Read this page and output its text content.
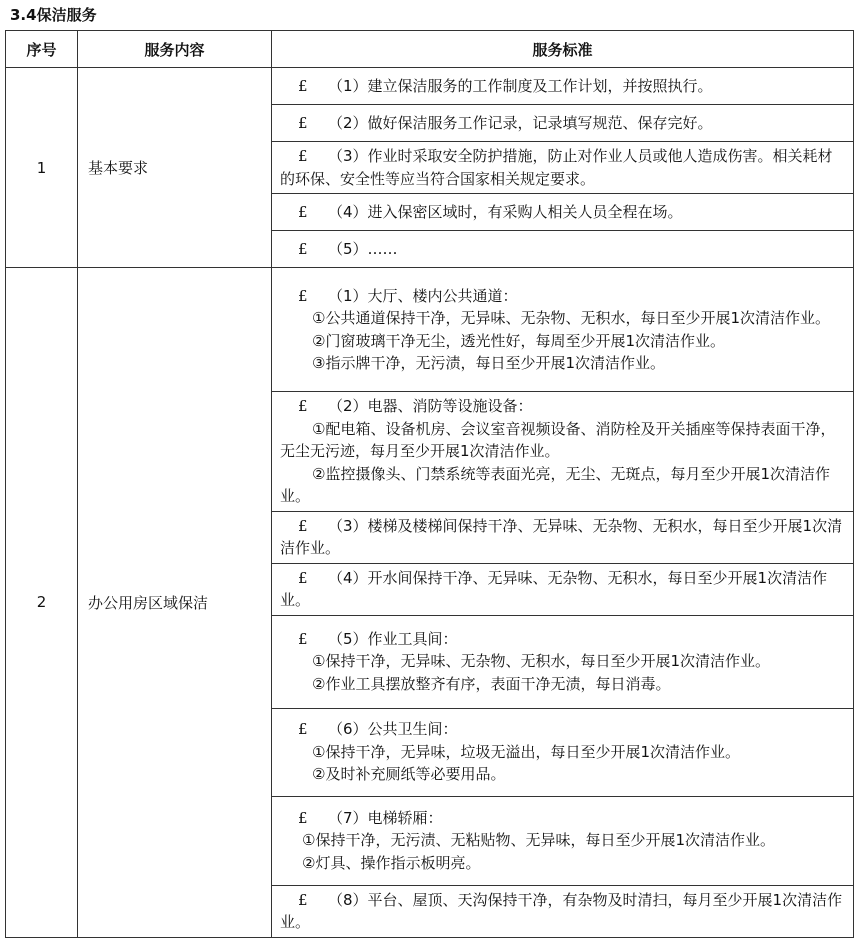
3.4保洁服务
序号	服务内容	服务标准
1	基本要求	£ （1）建立保洁服务的工作制度及工作计划，并按照执行。
		£ （2）做好保洁服务工作记录，记录填写规范、保存完好。
		£ （3）作业时采取安全防护措施，防止对作业人员或他人造成伤害。相关耗材的环保、安全性等应当符合国家相关规定要求。
		£ （4）进入保密区域时，有采购人相关人员全程在场。
		£ （5）……
2	办公用房区域保洁	£ （1）大厅、楼内公共通道：
①公共通道保持干净，无异味、无杂物、无积水，每日至少开展1次清洁作业。
②门窗玻璃干净无尘，透光性好，每周至少开展1次清洁作业。
③指示牌干净，无污渍，每日至少开展1次清洁作业。

		£ （2）电器、消防等设施设备：
①配电箱、设备机房、会议室音视频设备、消防栓及开关插座等保持表面干净，无尘无污迹，每月至少开展1次清洁作业。
②监控摄像头、门禁系统等表面光亮，无尘、无斑点，每月至少开展1次清洁作业。

		£ （3）楼梯及楼梯间保持干净、无异味、无杂物、无积水，每日至少开展1次清洁作业。
		£ （4）开水间保持干净、无异味、无杂物、无积水，每日至少开展1次清洁作业。
		£ （5）作业工具间：
①保持干净，无异味、无杂物、无积水，每日至少开展1次清洁作业。
②作业工具摆放整齐有序，表面干净无渍，每日消毒。

		£ （6）公共卫生间：
①保持干净，无异味，垃圾无溢出，每日至少开展1次清洁作业。
②及时补充厕纸等必要用品。

		£ （7）电梯轿厢：
①保持干净，无污渍、无粘贴物、无异味，每日至少开展1次清洁作业。
②灯具、操作指示板明亮。

		£ （8）平台、屋顶、天沟保持干净，有杂物及时清扫，每月至少开展1次清洁作业。
